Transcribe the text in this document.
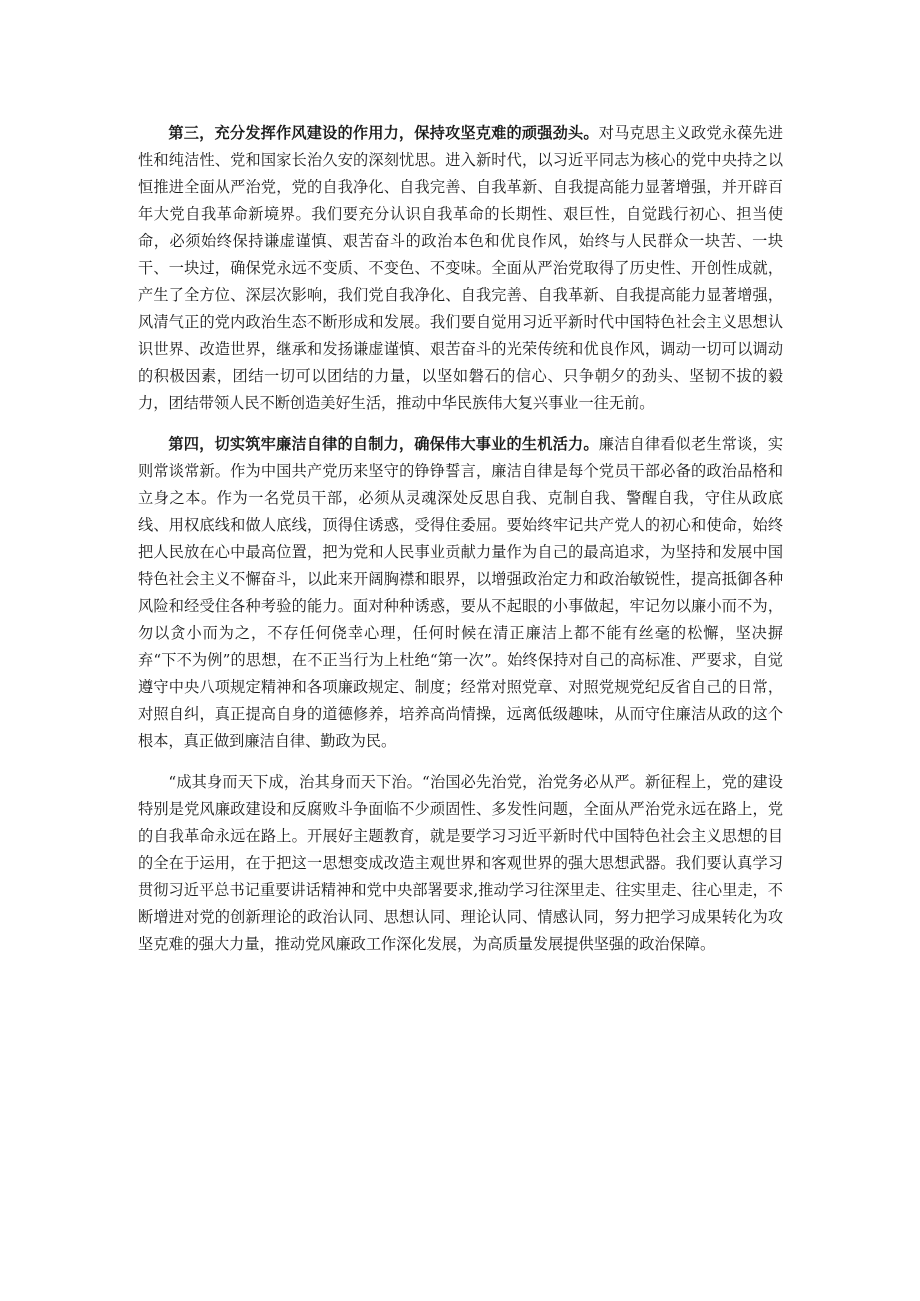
第三，充分发挥作风建设的作用力，保持攻坚克难的顽强劲头。对马克思主义政党永葆先进性和纯洁性、党和国家长治久安的深刻忧思。进入新时代，以习近平同志为核心的党中央持之以恒推进全面从严治党，党的自我净化、自我完善、自我革新、自我提高能力显著增强，并开辟百年大党自我革命新境界。我们要充分认识自我革命的长期性、艰巨性，自觉践行初心、担当使命，必须始终保持谦虚谨慎、艰苦奋斗的政治本色和优良作风，始终与人民群众一块苦、一块干、一块过，确保党永远不变质、不变色、不变味。全面从严治党取得了历史性、开创性成就，产生了全方位、深层次影响，我们党自我净化、自我完善、自我革新、自我提高能力显著增强，风清气正的党内政治生态不断形成和发展。我们要自觉用习近平新时代中国特色社会主义思想认识世界、改造世界，继承和发扬谦虚谨慎、艰苦奋斗的光荣传统和优良作风，调动一切可以调动的积极因素，团结一切可以团结的力量，以坚如磐石的信心、只争朝夕的劲头、坚韧不拔的毅力，团结带领人民不断创造美好生活，推动中华民族伟大复兴事业一往无前。

第四，切实筑牢廉洁自律的自制力，确保伟大事业的生机活力。廉洁自律看似老生常谈，实则常谈常新。作为中国共产党历来坚守的铮铮誓言，廉洁自律是每个党员干部必备的政治品格和立身之本。作为一名党员干部，必须从灵魂深处反思自我、克制自我、警醒自我，守住从政底线、用权底线和做人底线，顶得住诱惑，受得住委屈。要始终牢记共产党人的初心和使命，始终把人民放在心中最高位置，把为党和人民事业贡献力量作为自己的最高追求，为坚持和发展中国特色社会主义不懈奋斗，以此来开阔胸襟和眼界，以增强政治定力和政治敏锐性，提高抵御各种风险和经受住各种考验的能力。面对种种诱惑，要从不起眼的小事做起，牢记勿以廉小而不为，勿以贪小而为之，不存任何侥幸心理，任何时候在清正廉洁上都不能有丝毫的松懈，坚决摒弃“下不为例”的思想，在不正当行为上杜绝“第一次”。始终保持对自己的高标准、严要求，自觉遵守中央八项规定精神和各项廉政规定、制度；经常对照党章、对照党规党纪反省自己的日常，对照自纠，真正提高自身的道德修养，培养高尚情操，远离低级趣味，从而守住廉洁从政的这个根本，真正做到廉洁自律、勤政为民。

“成其身而天下成，治其身而天下治。“治国必先治党，治党务必从严。新征程上，党的建设特别是党风廉政建设和反腐败斗争面临不少顽固性、多发性问题，全面从严治党永远在路上，党的自我革命永远在路上。开展好主题教育，就是要学习习近平新时代中国特色社会主义思想的目的全在于运用，在于把这一思想变成改造主观世界和客观世界的强大思想武器。我们要认真学习贯彻习近平总书记重要讲话精神和党中央部署要求,推动学习往深里走、往实里走、往心里走，不断增进对党的创新理论的政治认同、思想认同、理论认同、情感认同，努力把学习成果转化为攻坚克难的强大力量，推动党风廉政工作深化发展，为高质量发展提供坚强的政治保障。
